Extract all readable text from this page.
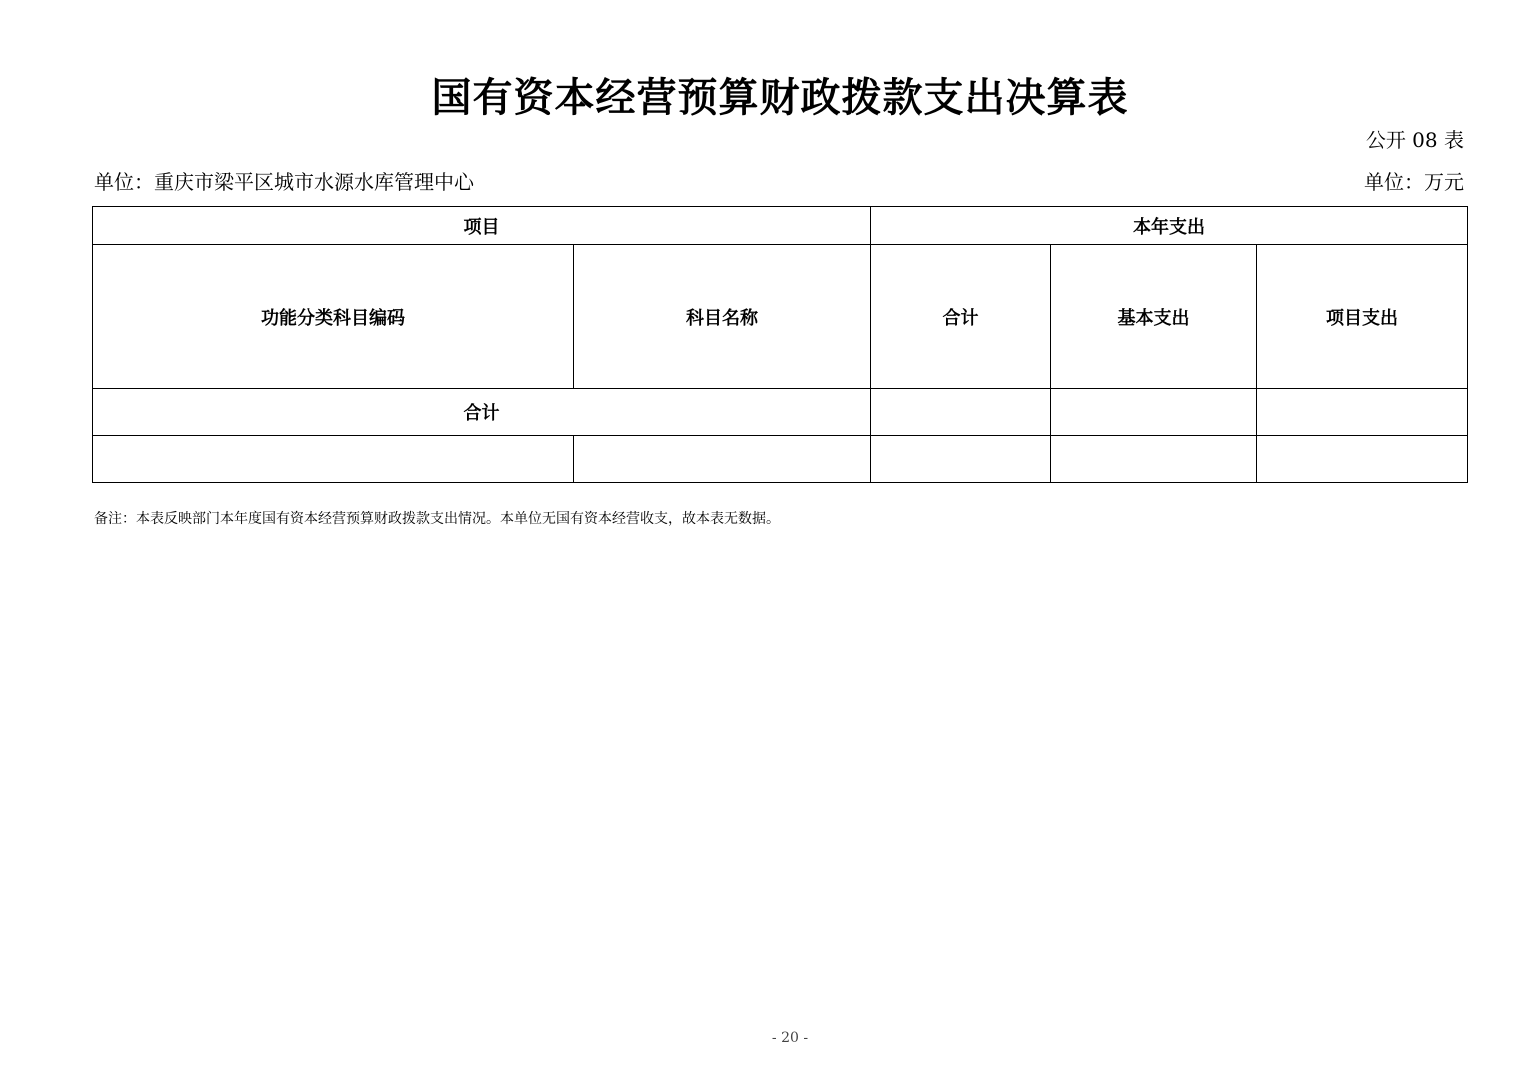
国有资本经营预算财政拨款支出决算表
公开 08 表
单位：重庆市梁平区城市水源水库管理中心	单位：万元
项目		本年支出		
功能分类科目编码	科目名称	合计	基本支出	项目支出
合计				

备注：本表反映部门本年度国有资本经营预算财政拨款支出情况。本单位无国有资本经营收支，故本表无数据。
- 20 -
